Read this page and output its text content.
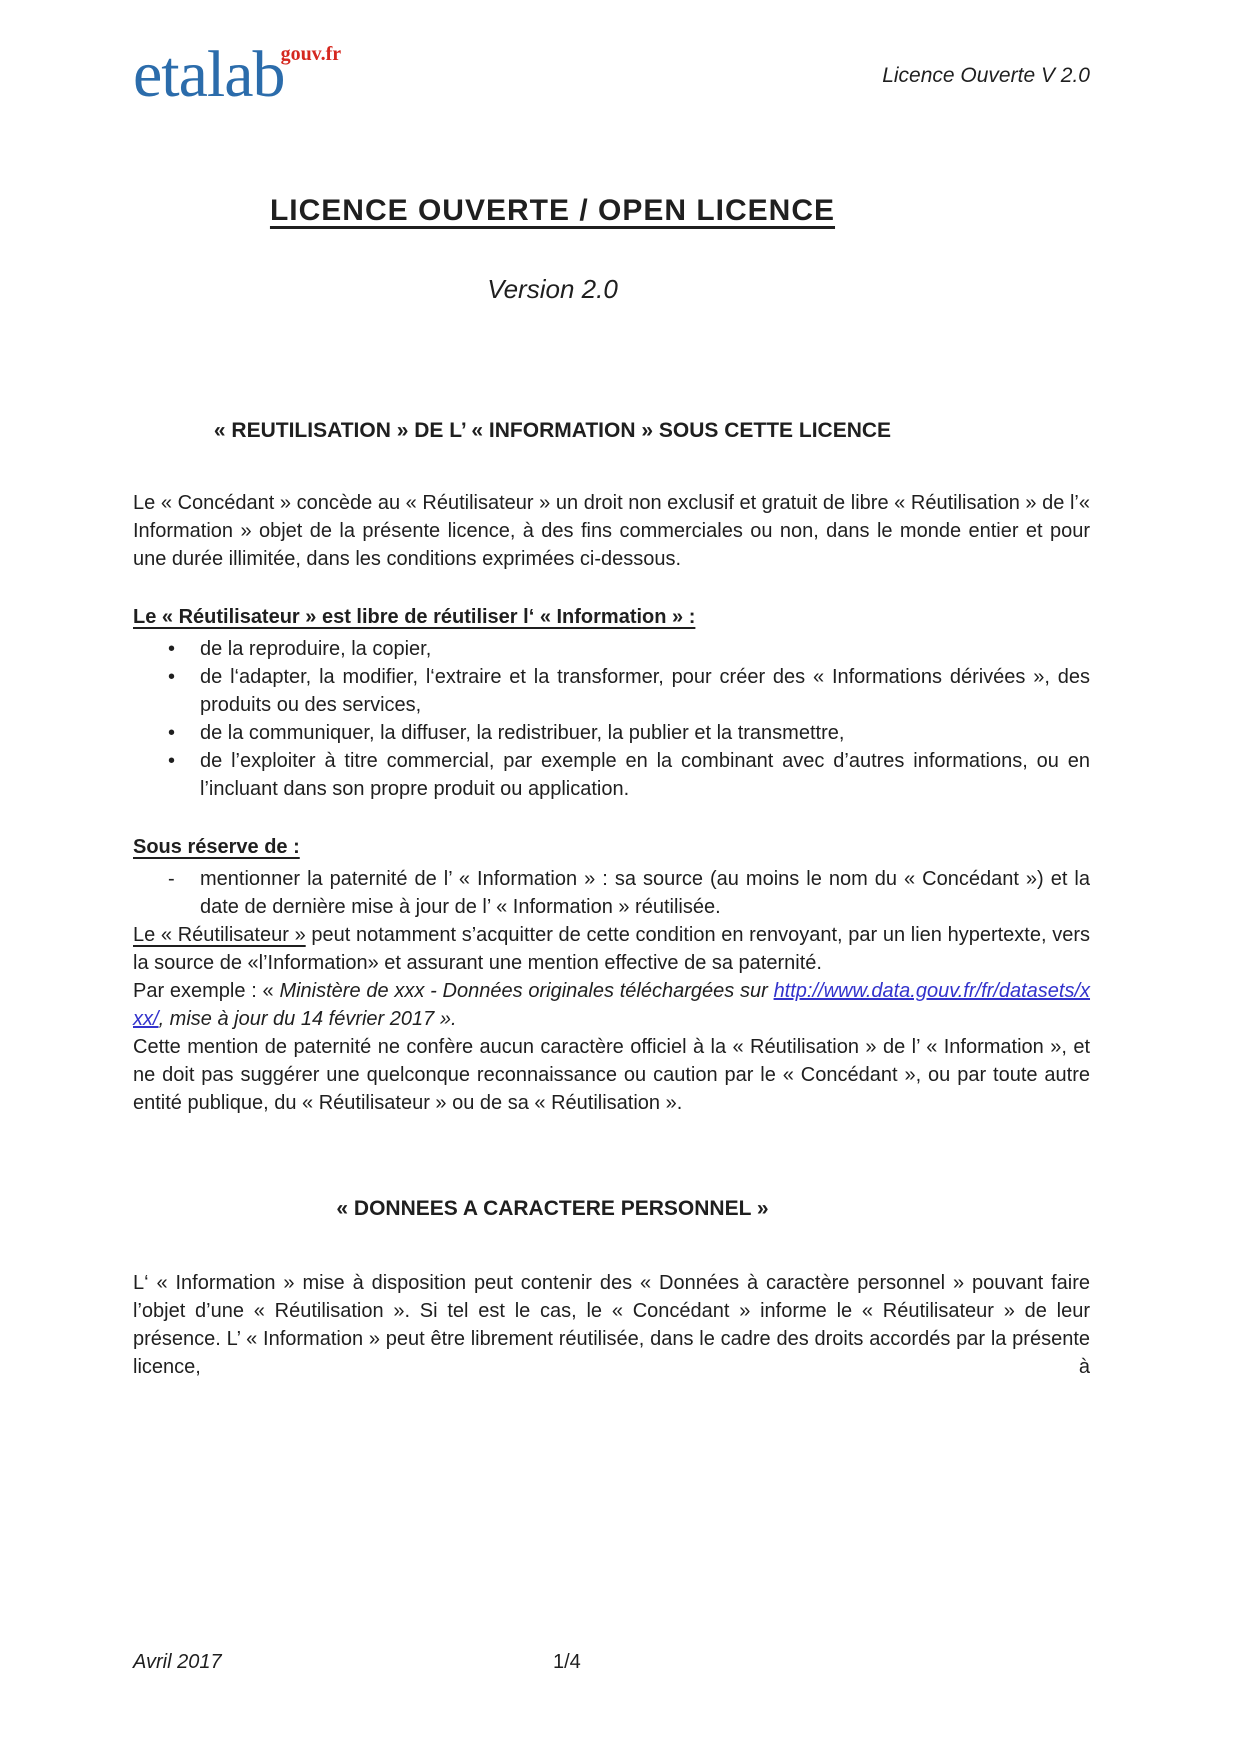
etalabgouv.fr
Licence Ouverte V 2.0
LICENCE OUVERTE / OPEN LICENCE
Version 2.0
« REUTILISATION » DE L’ « INFORMATION » SOUS CETTE LICENCE

Le « Concédant » concède au « Réutilisateur » un droit non exclusif et gratuit de libre « Réutilisation » de l’« Information » objet de la présente licence, à des fins commerciales ou non, dans le monde entier et pour une durée illimitée, dans les conditions exprimées ci-dessous.

Le « Réutilisateur » est libre de réutiliser l‘ « Information » :
• de la reproduire, la copier,
• de l‘adapter, la modifier, l‘extraire et la transformer, pour créer des « Informations dérivées », des produits ou des services,
• de la communiquer, la diffuser, la redistribuer, la publier et la transmettre,
• de l’exploiter à titre commercial, par exemple en la combinant avec d’autres informations, ou en l’incluant dans son propre produit ou application.
Sous réserve de :
- mentionner la paternité de l’ « Information » : sa source (au moins le nom du « Concédant ») et la date de dernière mise à jour de l’ « Information » réutilisée.

Le « Réutilisateur » peut notamment s’acquitter de cette condition en renvoyant, par un lien hypertexte, vers la source de «l’Information» et assurant une mention effective de sa paternité.

Par exemple : « Ministère de xxx - Données originales téléchargées sur http://www.data.gouv.fr/fr/datasets/xxx/, mise à jour du 14 février 2017 ».

Cette mention de paternité ne confère aucun caractère officiel à la « Réutilisation » de l’ « Information », et ne doit pas suggérer une quelconque reconnaissance ou caution par le « Concédant », ou par toute autre entité publique, du « Réutilisateur » ou de sa « Réutilisation ».

« DONNEES A CARACTERE PERSONNEL »

L‘ « Information » mise à disposition peut contenir des « Données à caractère personnel » pouvant faire l’objet d’une « Réutilisation ». Si tel est le cas, le « Concédant » informe le « Réutilisateur » de leur présence. L’ « Information » peut être librement réutilisée, dans le cadre des droits accordés par la présente licence, à

Avril 2017	1/4
